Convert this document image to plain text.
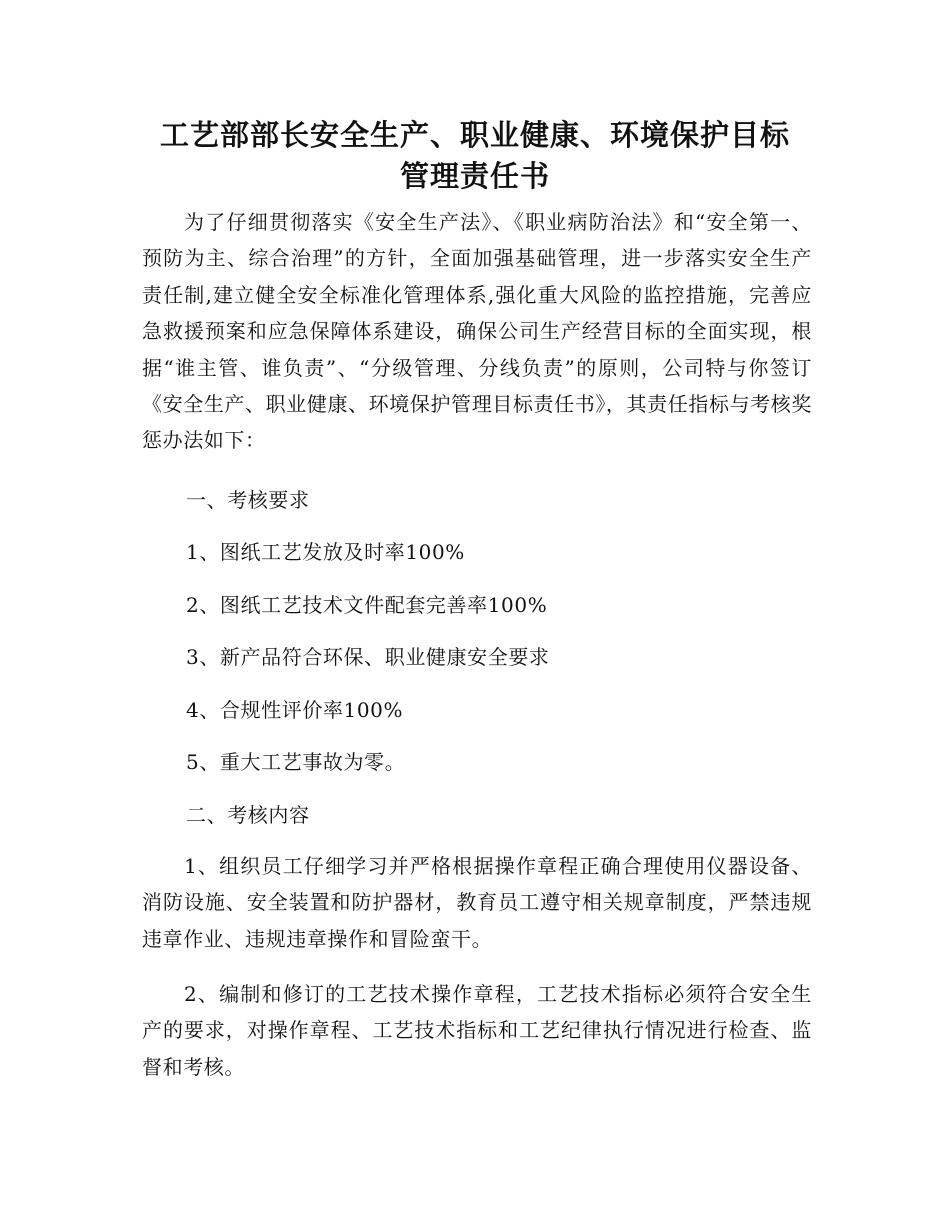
工艺部部长安全生产、职业健康、环境保护目标
管理责任书

为了仔细贯彻落实《安全生产法》、《职业病防治法》和“安全第一、预防为主、综合治理”的方针，全面加强基础管理，进一步落实安全生产责任制,建立健全安全标准化管理体系,强化重大风险的监控措施，完善应急救援预案和应急保障体系建设，确保公司生产经营目标的全面实现，根据“谁主管、谁负责”、“分级管理、分线负责”的原则，公司特与你签订《安全生产、职业健康、环境保护管理目标责任书》，其责任指标与考核奖惩办法如下：

一、考核要求

1、图纸工艺发放及时率100%

2、图纸工艺技术文件配套完善率100%

3、新产品符合环保、职业健康安全要求

4、合规性评价率100%

5、重大工艺事故为零。

二、考核内容

1、组织员工仔细学习并严格根据操作章程正确合理使用仪器设备、消防设施、安全装置和防护器材，教育员工遵守相关规章制度，严禁违规违章作业、违规违章操作和冒险蛮干。

2、编制和修订的工艺技术操作章程，工艺技术指标必须符合安全生产的要求，对操作章程、工艺技术指标和工艺纪律执行情况进行检查、监督和考核。
